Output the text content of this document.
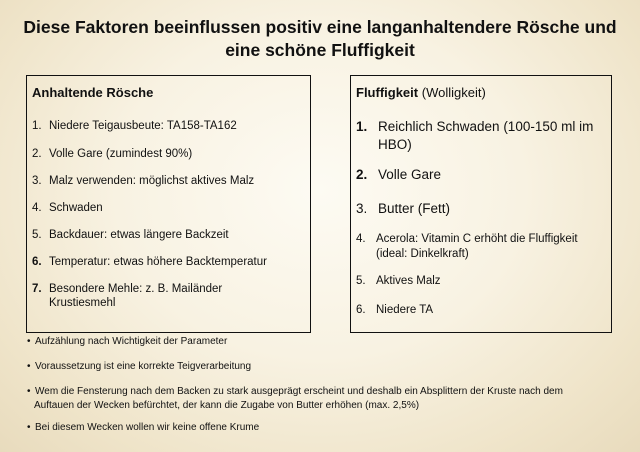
Diese Faktoren beeinflussen positiv eine langanhaltendere Rösche und
eine schöne Fluffigkeit
Anhaltende Rösche
1. Niedere Teigausbeute: TA158-TA162
2. Volle Gare (zumindest 90%)
3. Malz verwenden: möglichst aktives Malz
4. Schwaden
5. Backdauer: etwas längere Backzeit
6. Temperatur: etwas höhere Backtemperatur
7. Besondere Mehle: z. B. Mailänder Krustiesmehl
Fluffigkeit (Wolligkeit)
1. Reichlich Schwaden (100-150 ml im HBO)
2. Volle Gare
3. Butter (Fett)
4. Acerola: Vitamin C erhöht die Fluffigkeit (ideal: Dinkelkraft)
5. Aktives Malz
6. Niedere TA
• Aufzählung nach Wichtigkeit der Parameter
• Voraussetzung ist eine korrekte Teigverarbeitung
• Wem die Fensterung nach dem Backen zu stark ausgeprägt erscheint und deshalb ein Absplittern der Kruste nach dem
Auftauen der Wecken befürchtet, der kann die Zugabe von Butter erhöhen (max. 2,5%)
• Bei diesem Wecken wollen wir keine offene Krume
